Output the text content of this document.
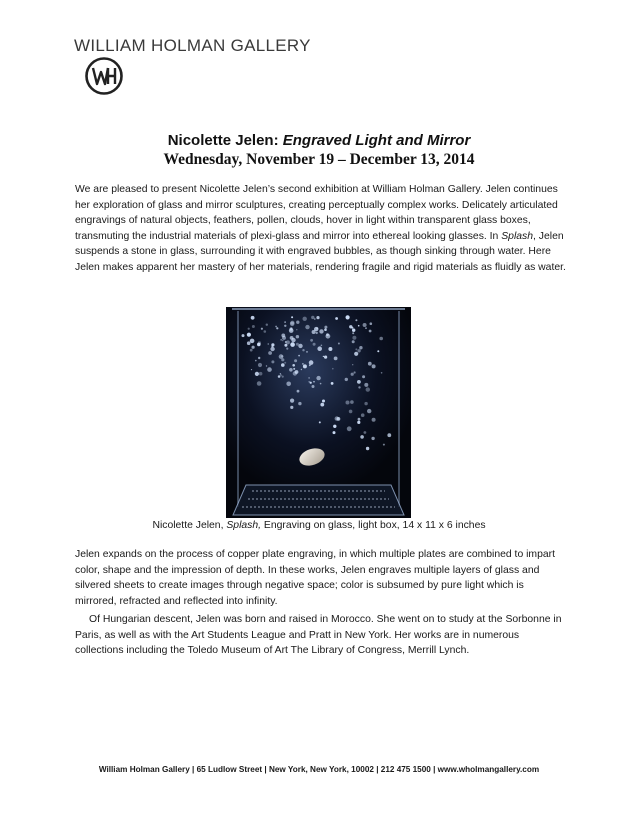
WILLIAM HOLMAN GALLERY
Nicolette Jelen: Engraved Light and Mirror
Wednesday, November 19 – December 13, 2014
We are pleased to present Nicolette Jelen’s second exhibition at William Holman Gallery. Jelen continues her exploration of glass and mirror sculptures, creating perceptually complex works. Delicately articulated engravings of natural objects, feathers, pollen, clouds, hover in light within transparent glass boxes, transmuting the industrial materials of plexi-glass and mirror into ethereal looking glasses. In Splash, Jelen suspends a stone in glass, surrounding it with engraved bubbles, as though sinking through water. Here Jelen makes apparent her mastery of her materials, rendering fragile and rigid materials as fluidly as water.
Nicolette Jelen, Splash, Engraving on glass, light box, 14 x 11 x 6 inches
Jelen expands on the process of copper plate engraving, in which multiple plates are combined to impart color, shape and the impression of depth. In these works, Jelen engraves multiple layers of glass and silvered sheets to create images through negative space; color is subsumed by pure light which is mirrored, refracted and reflected into infinity.
Of Hungarian descent, Jelen was born and raised in Morocco. She went on to study at the Sorbonne in Paris, as well as with the Art Students League and Pratt in New York. Her works are in numerous collections including the Toledo Museum of Art The Library of Congress, Merrill Lynch.
William Holman Gallery | 65 Ludlow Street | New York, New York, 10002 | 212 475 1500 | www.wholmangallery.com
